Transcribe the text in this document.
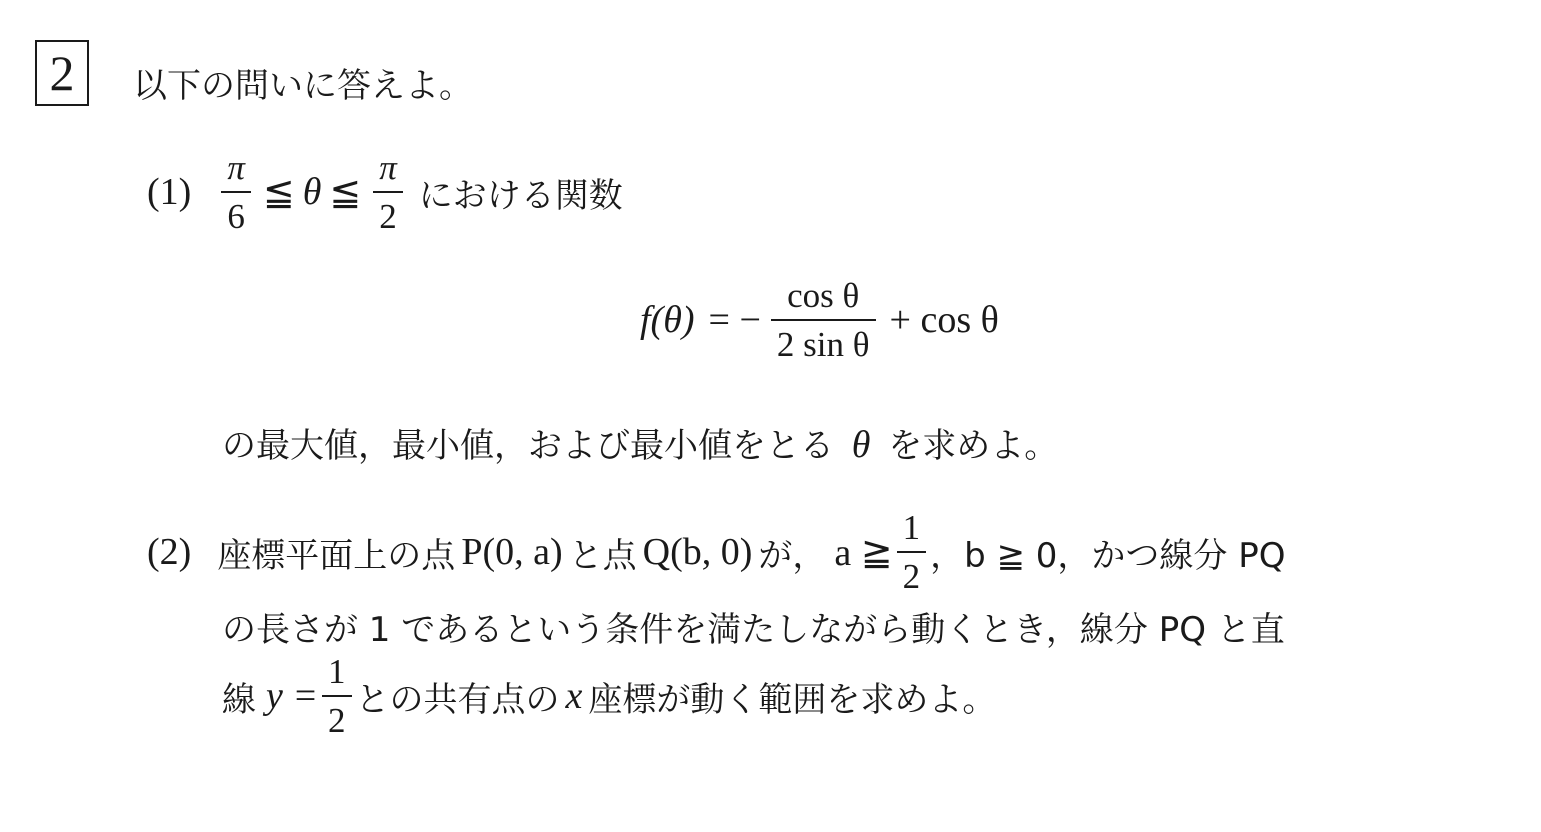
2	以下の問いに答えよ。
$(1) \frac{\pi}{6}$ ≦ θ ≦ $\frac{\pi}{2}$ における関数
f(θ) = − $\frac{\text{cos θ}}{\text{2 sin θ}} + \cos \theta$
の最大値，最小値，および最小値をとる θ を求めよ。
(2) 座標平面上の点 P(0, a) と点 Q(b, 0) が， a ≧ $\frac{1}{2}$ ，b ≧ 0，かつ線分 PQ
の長さが 1 であるという条件を満たしながら動くとき，線分 PQ と直
線 $y = \frac{1}{2}$ との共有点の x 座標が動く範囲を求めよ。
